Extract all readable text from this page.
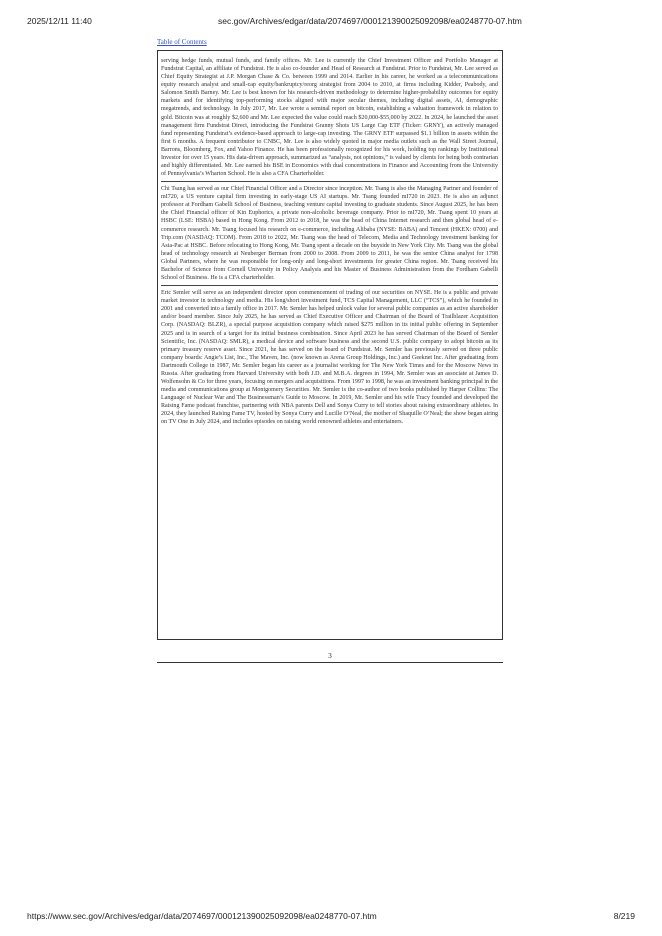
2025/12/11 11:40	sec.gov/Archives/edgar/data/2074697/000121390025092098/ea0248770-07.htm
Table of Contents

serving hedge funds, mutual funds, and family offices. Mr. Lee is currently the Chief Investment Officer and Portfolio Manager at Fundstrat Capital, an affiliate of Fundstrat. He is also co-founder and Head of Research at Fundstrat. Prior to Fundstrat, Mr. Lee served as Chief Equity Strategist at J.P. Morgan Chase & Co. between 1999 and 2014. Earlier in his career, he worked as a telecommunications equity research analyst and small-cap equity/bankruptcy/reorg strategist from 2004 to 2010, at firms including Kidder, Peabody, and Salomon Smith Barney. Mr. Lee is best known for his research-driven methodology to determine higher-probability outcomes for equity markets and for identifying top-performing stocks aligned with major secular themes, including digital assets, AI, demographic megatrends, and technology. In July 2017, Mr. Lee wrote a seminal report on bitcoin, establishing a valuation framework in relation to gold. Bitcoin was at roughly $2,600 and Mr. Lee expected the value could reach $20,000-$55,000 by 2022. In 2024, he launched the asset management firm Fundstrat Direct, introducing the Fundstrat Granny Shots US Large Cap ETF (Ticker: GRNY), an actively managed fund representing Fundstrat’s evidence-based approach to large-cap investing. The GRNY ETF surpassed $1.1 billion in assets within the first 6 months. A frequent contributor to CNBC, Mr. Lee is also widely quoted in major media outlets such as the Wall Street Journal, Barrons, Bloomberg, Fox, and Yahoo Finance. He has been professionally recognized for his work, holding top rankings by Institutional Investor for over 15 years. His data-driven approach, summarized as “analysis, not opinions,” is valued by clients for being both contrarian and highly differentiated. Mr. Lee earned his BSE in Economics with dual concentrations in Finance and Accounting from the University of Pennsylvania’s Wharton School. He is also a CFA Charterholder.

Chi Tsang has served as our Chief Financial Officer and a Director since inception. Mr. Tsang is also the Managing Partner and founder of mI720, a US venture capital firm investing in early-stage US AI startups. Mr. Tsang founded mI720 in 2023. He is also an adjunct professor at Fordham Gabelli School of Business, teaching venture capital investing to graduate students. Since August 2025, he has been the Chief Financial officer of Kin Euphorics, a private non-alcoholic beverage company. Prior to mI720, Mr. Tsang spent 10 years at HSBC (LSE: HSBA) based in Hong Kong. From 2012 to 2018, he was the head of China Internet research and then global head of e-commerce research. Mr. Tsang focused his research on e-commerce, including Alibaba (NYSE: BABA) and Tencent (HKEX: 0700) and Trip.com (NASDAQ: TCOM). From 2018 to 2022, Mr. Tsang was the head of Telecom, Media and Technology investment banking for Asia-Pac at HSBC. Before relocating to Hong Kong, Mr. Tsang spent a decade on the buyside in New York City. Mr. Tsang was the global head of technology research at Neuberger Berman from 2000 to 2008. From 2009 to 2011, he was the senior China analyst for 1798 Global Partners, where he was responsible for long-only and long-short investments for greater China region. Mr. Tsang received his Bachelor of Science from Cornell University in Policy Analysis and his Master of Business Administration from the Fordham Gabelli School of Business. He is a CFA charterholder.

Eric Semler will serve as an independent director upon commencement of trading of our securities on NYSE. He is a public and private market investor in technology and media. His long/short investment fund, TCS Capital Management, LLC (“TCS”), which he founded in 2001 and converted into a family office in 2017. Mr. Semler has helped unlock value for several public companies as an active shareholder and/or board member. Since July 2025, he has served as Chief Executive Officer and Chairman of the Board of Trailblazer Acquisition Corp. (NASDAQ: BLZR), a special purpose acquisition company which raised $275 million in its initial public offering in September 2025 and is in search of a target for its initial business combination. Since April 2023 he has served Chairman of the Board of Semler Scientific, Inc. (NASDAQ: SMLR), a medical device and software business and the second U.S. public company to adopt bitcoin as its primary treasury reserve asset. Since 2021, he has served on the board of Fundstrat. Mr. Semler has previously served on three public company boards: Angie’s List, Inc., The Maven, Inc. (now known as Arena Group Holdings, Inc.) and Geeknet Inc. After graduating from Dartmouth College in 1987, Mr. Semler began his career as a journalist working for The New York Times and for the Moscow News in Russia. After graduating from Harvard University with both J.D. and M.B.A. degrees in 1994, Mr. Semler was an associate at James D. Wolfensohn & Co for three years, focusing on mergers and acquisitions. From 1997 to 1998, he was an investment banking principal in the media and communications group at Montgomery Securities. Mr. Semler is the co-author of two books published by Harper Collins: The Language of Nuclear War and The Businessman’s Guide to Moscow. In 2019, Mr. Semler and his wife Tracy founded and developed the Raising Fame podcast franchise, partnering with NBA parents Dell and Sonya Curry to tell stories about raising extraordinary athletes. In 2024, they launched Raising Fame TV, hosted by Sonya Curry and Lucille O’Neal, the mother of Shaquille O’Neal; the show began airing on TV One in July 2024, and includes episodes on raising world renowned athletes and entertainers.

3
https://www.sec.gov/Archives/edgar/data/2074697/000121390025092098/ea0248770-07.htm	8/219
